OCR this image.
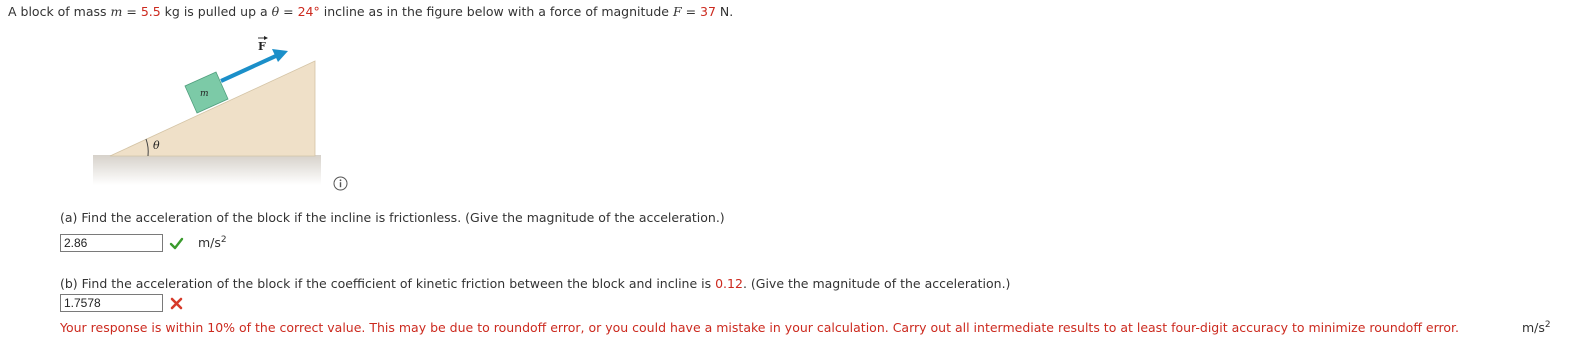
A block of mass m = 5.5 kg is pulled up a θ = 24° incline as in the figure below with a force of magnitude F = 37 N.
θ
m
F
(a) Find the acceleration of the block if the incline is frictionless. (Give the magnitude of the acceleration.)
2.86
$m/s^2$
(b) Find the acceleration of the block if the coefficient of kinetic friction between the block and incline is 0.12. (Give the magnitude of the acceleration.)
1.7578
Your response is within 10% of the correct value. This may be due to roundoff error, or you could have a mistake in your calculation. Carry out all intermediate results to at least four-digit accuracy to minimize roundoff error.	$m/s^2$
